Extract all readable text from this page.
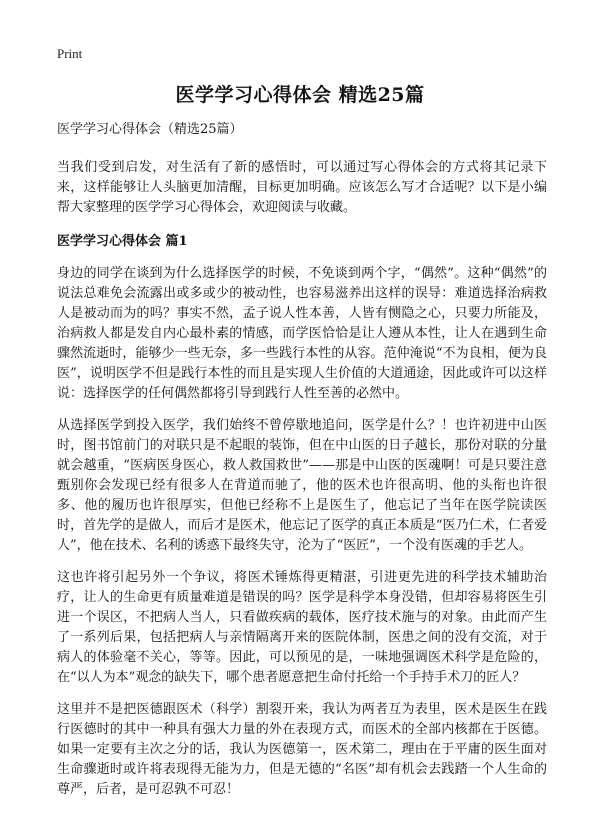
Print
医学学习心得体会 精选25篇
医学学习心得体会（精选25篇）

当我们受到启发，对生活有了新的感悟时，可以通过写心得体会的方式将其记录下来，这样能够让人头脑更加清醒，目标更加明确。应该怎么写才合适呢？以下是小编帮大家整理的医学学习心得体会，欢迎阅读与收藏。

医学学习心得体会 篇1

身边的同学在谈到为什么选择医学的时候，不免谈到两个字，“偶然”。这种“偶然”的说法总难免会流露出或多或少的被动性，也容易滋养出这样的误导：难道选择治病救人是被动而为的吗？事实不然，孟子说人性本善，人皆有恻隐之心，只要力所能及，治病救人都是发自内心最朴素的情感，而学医恰恰是让人遵从本性，让人在遇到生命骤然流逝时，能够少一些无奈，多一些践行本性的从容。范仲淹说“不为良相，便为良医”，说明医学不但是践行本性的而且是实现人生价值的大道通途，因此或许可以这样说：选择医学的任何偶然都将引导到践行人性至善的必然中。

从选择医学到投入医学，我们始终不曾停歇地追问，医学是什么？！也许初进中山医时，图书馆前门的对联只是不起眼的装饰，但在中山医的日子越长，那份对联的分量就会越重，“医病医身医心，救人救国救世”——那是中山医的医魂啊！可是只要注意甄别你会发现已经有很多人在背道而驰了，他的医术也许很高明、他的头衔也许很多、他的履历也许很厚实，但他已经称不上是医生了，他忘记了当年在医学院读医时，首先学的是做人，而后才是医术，他忘记了医学的真正本质是“医乃仁术，仁者爱人”，他在技术、名利的诱惑下最终失守，沦为了“医匠”，一个没有医魂的手艺人。

这也许将引起另外一个争议，将医术锤炼得更精湛，引进更先进的科学技术辅助治疗，让人的生命更有质量难道是错误的吗？医学是科学本身没错，但却容易将医生引进一个误区，不把病人当人，只看做疾病的载体，医疗技术施与的对象。由此而产生了一系列后果，包括把病人与亲情隔离开来的医院体制，医患之间的没有交流，对于病人的体验毫不关心，等等。因此，可以预见的是，一味地强调医术科学是危险的，在“以人为本”观念的缺失下，哪个患者愿意把生命付托给一个手持手术刀的匠人？

这里并不是把医德跟医术（科学）割裂开来，我认为两者互为表里，医术是医生在践行医德时的其中一种具有强大力量的外在表现方式，而医术的全部内核都在于医德。如果一定要有主次之分的话，我认为医德第一，医术第二，理由在于平庸的医生面对生命骤逝时或许将表现得无能为力，但是无德的“名医”却有机会去践踏一个人生命的尊严，后者，是可忍孰不可忍！
